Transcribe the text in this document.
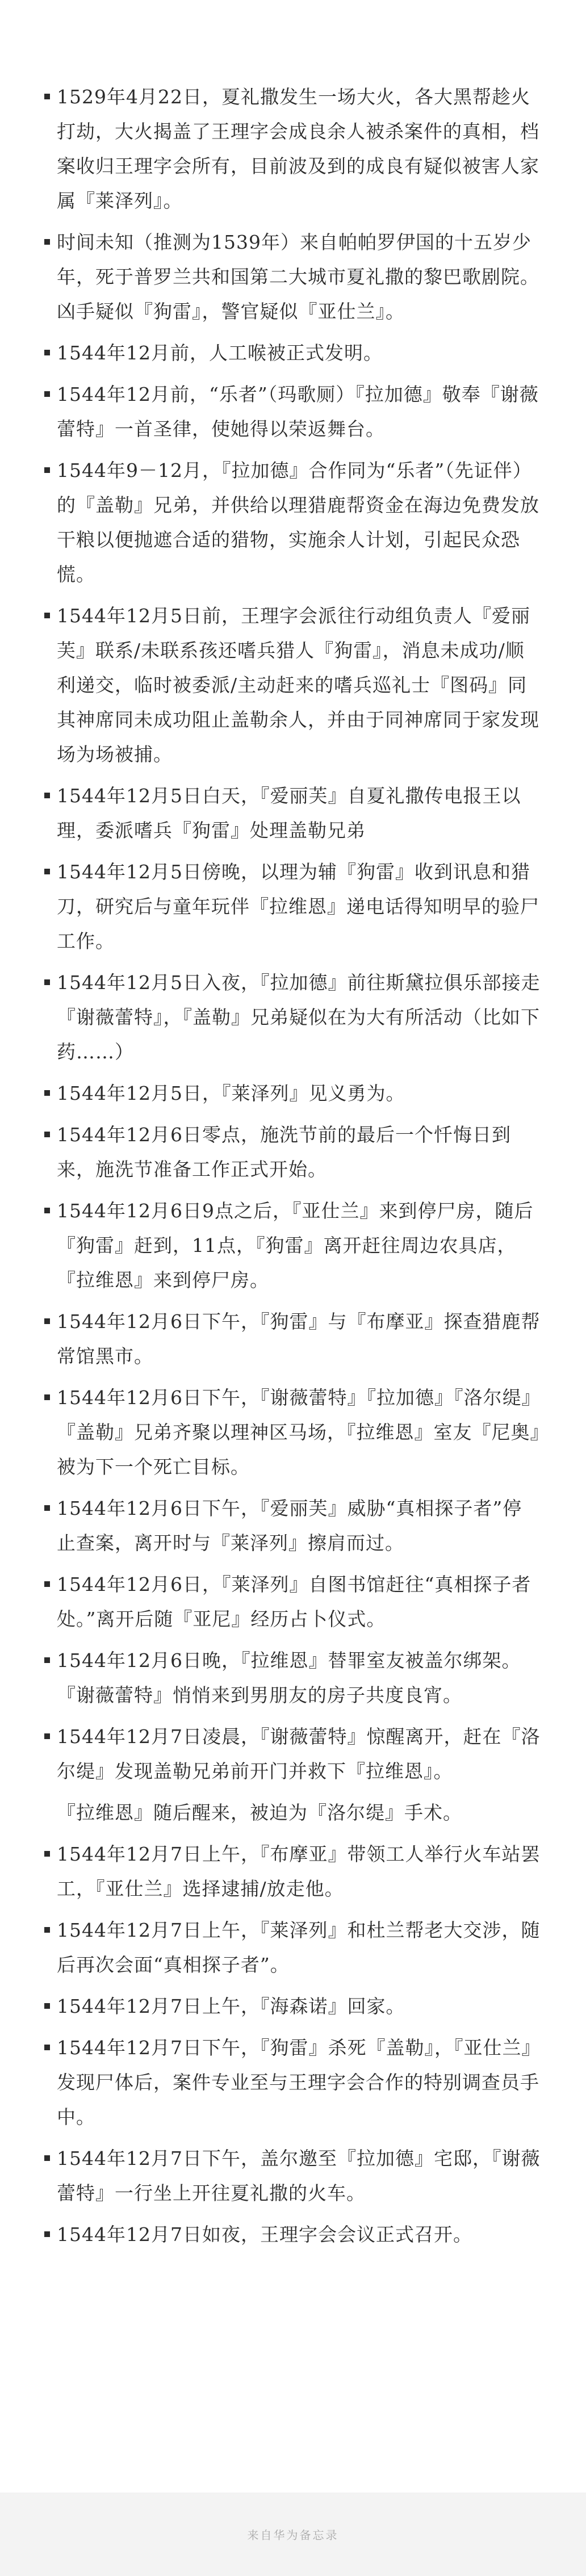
1529年4月22日，夏礼撒发生一场大火，各大黑帮趁火打劫，大火揭盖了王理字会成良余人被杀案件的真相，档案收归王理字会所有，目前波及到的成良有疑似被害人家属『莱泽列』。
时间未知（推测为1539年）来自帕帕罗伊国的十五岁少年，死于普罗兰共和国第二大城市夏礼撒的黎巴歌剧院。凶手疑似『狗雷』，警官疑似『亚仕兰』。
1544年12月前，人工喉被正式发明。
1544年12月前，“乐者”（玛歌厕）『拉加德』敬奉『谢薇蕾特』一首圣律，使她得以荣返舞台。
1544年9－12月，『拉加德』合作同为“乐者”（先证伴）的『盖勒』兄弟，并供给以理猎鹿帮资金在海边免费发放干粮以便抛遮合适的猎物，实施余人计划，引起民众恐慌。
1544年12月5日前，王理字会派往行动组负责人『爱丽芙』联系/未联系孩还嗜兵猎人『狗雷』，消息未成功/顺利递交，临时被委派/主动赶来的嗜兵巡礼士『图码』同其神席同未成功阻止盖勒余人，并由于同神席同于家发现场为场被捕。
1544年12月5日白天，『爱丽芙』自夏礼撒传电报王以理，委派嗜兵『狗雷』处理盖勒兄弟
1544年12月5日傍晚，以理为辅『狗雷』收到讯息和猎刀，研究后与童年玩伴『拉维恩』递电话得知明早的验尸工作。
1544年12月5日入夜，『拉加德』前往斯黛拉俱乐部接走『谢薇蕾特』，『盖勒』兄弟疑似在为大有所活动（比如下药……）
1544年12月5日，『莱泽列』见义勇为。
1544年12月6日零点，施洗节前的最后一个忏悔日到来，施洗节准备工作正式开始。
1544年12月6日9点之后，『亚仕兰』来到停尸房，随后『狗雷』赶到，11点，『狗雷』离开赶往周边农具店，『拉维恩』来到停尸房。
1544年12月6日下午，『狗雷』与『布摩亚』探查猎鹿帮常馆黑市。
1544年12月6日下午，『谢薇蕾特』『拉加德』『洛尔缇』『盖勒』兄弟齐聚以理神区马场，『拉维恩』室友『尼奥』被为下一个死亡目标。
1544年12月6日下午，『爱丽芙』威胁“真相探子者”停止查案，离开时与『莱泽列』擦肩而过。
1544年12月6日，『莱泽列』自图书馆赶往“真相探子者处。”离开后随『亚尼』经历占卜仪式。
1544年12月6日晚，『拉维恩』替罪室友被盖尔绑架。『谢薇蕾特』悄悄来到男朋友的房子共度良宵。
1544年12月7日凌晨，『谢薇蕾特』惊醒离开，赶在『洛尔缇』发现盖勒兄弟前开门并救下『拉维恩』。
『拉维恩』随后醒来，被迫为『洛尔缇』手术。
1544年12月7日上午，『布摩亚』带领工人举行火车站罢工，『亚仕兰』选择逮捕/放走他。
1544年12月7日上午，『莱泽列』和杜兰帮老大交涉，随后再次会面“真相探子者”。
1544年12月7日上午，『海森诺』回家。
1544年12月7日下午，『狗雷』杀死『盖勒』，『亚仕兰』发现尸体后，案件专业至与王理字会合作的特别调查员手中。
1544年12月7日下午，盖尔邀至『拉加德』宅邸，『谢薇蕾特』一行坐上开往夏礼撒的火车。
1544年12月7日如夜，王理字会会议正式召开。
来自华为备忘录
